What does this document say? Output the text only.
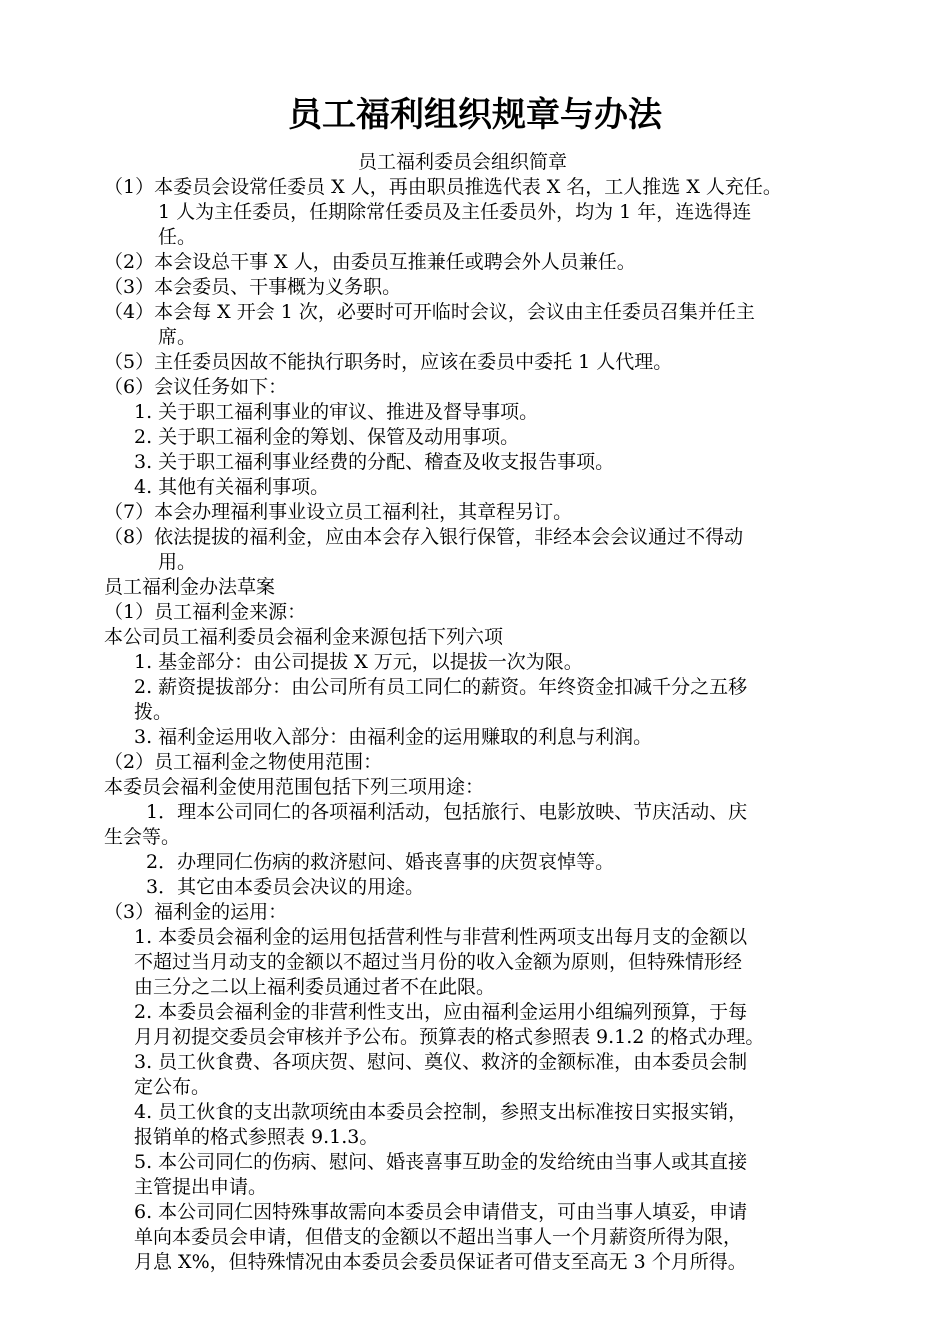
员工福利组织规章与办法
员工福利委员会组织简章
（1）本委员会设常任委员 X 人，再由职员推选代表 X 名，工人推选 X 人充任。
1 人为主任委员，任期除常任委员及主任委员外，均为 1 年，连选得连
任。
（2）本会设总干事 X 人，由委员互推兼任或聘会外人员兼任。
（3）本会委员、干事概为义务职。
（4）本会每 X 开会 1 次，必要时可开临时会议，会议由主任委员召集并任主
席。
（5）主任委员因故不能执行职务时，应该在委员中委托 1 人代理。
（6）会议任务如下：
1. 关于职工福利事业的审议、推进及督导事项。
2. 关于职工福利金的筹划、保管及动用事项。
3. 关于职工福利事业经费的分配、稽查及收支报告事项。
4. 其他有关福利事项。
（7）本会办理福利事业设立员工福利社，其章程另订。
（8）依法提拔的福利金，应由本会存入银行保管，非经本会会议通过不得动
用。
员工福利金办法草案
（1）员工福利金来源：
本公司员工福利委员会福利金来源包括下列六项
1. 基金部分：由公司提拔 X 万元，以提拔一次为限。
2. 薪资提拔部分：由公司所有员工同仁的薪资。年终资金扣减千分之五移
拨。
3. 福利金运用收入部分：由福利金的运用赚取的利息与利润。
（2）员工福利金之物使用范围：
本委员会福利金使用范围包括下列三项用途：
1．理本公司同仁的各项福利活动，包括旅行、电影放映、节庆活动、庆
生会等。
2．办理同仁伤病的救济慰问、婚丧喜事的庆贺哀悼等。
3．其它由本委员会决议的用途。
（3）福利金的运用：
1. 本委员会福利金的运用包括营利性与非营利性两项支出每月支的金额以
不超过当月动支的金额以不超过当月份的收入金额为原则，但特殊情形经
由三分之二以上福利委员通过者不在此限。
2. 本委员会福利金的非营利性支出，应由福利金运用小组编列预算，于每
月月初提交委员会审核并予公布。预算表的格式参照表 9.1.2 的格式办理。
3. 员工伙食费、各项庆贺、慰问、奠仪、救济的金额标准，由本委员会制
定公布。
4. 员工伙食的支出款项统由本委员会控制，参照支出标准按日实报实销，
报销单的格式参照表 9.1.3。
5. 本公司同仁的伤病、慰问、婚丧喜事互助金的发给统由当事人或其直接
主管提出申请。
6. 本公司同仁因特殊事故需向本委员会申请借支，可由当事人填妥，申请
单向本委员会申请，但借支的金额以不超出当事人一个月薪资所得为限，
月息 X%，但特殊情况由本委员会委员保证者可借支至高无 3 个月所得。
